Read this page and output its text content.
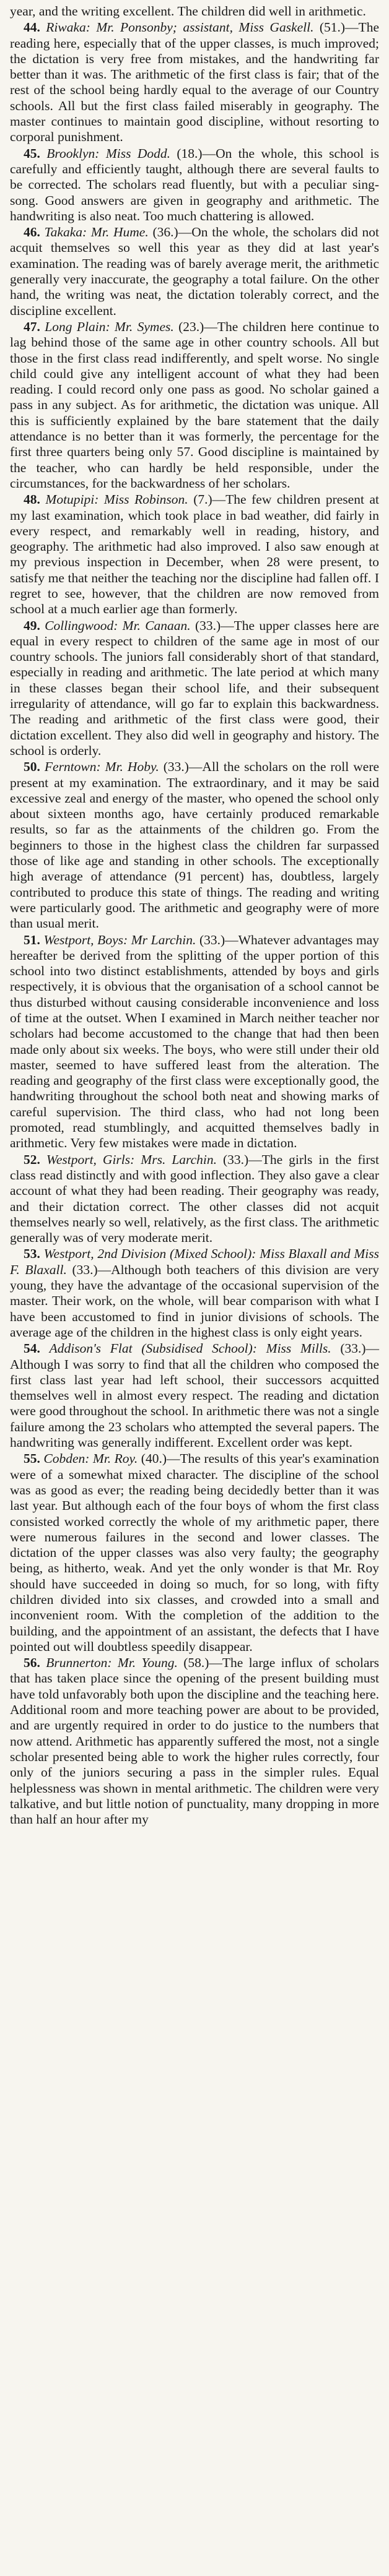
year, and the writing excellent. The children did well in arithmetic.

44. Riwaka: Mr. Ponsonby; assistant, Miss Gaskell. (51.)—The reading here, especially that of the upper classes, is much improved; the dictation is very free from mistakes, and the handwriting far better than it was. The arithmetic of the first class is fair; that of the rest of the school being hardly equal to the average of our Country schools. All but the first class failed miserably in geography. The master continues to maintain good discipline, without resorting to corporal punishment.

45. Brooklyn: Miss Dodd. (18.)—On the whole, this school is carefully and efficiently taught, although there are several faults to be corrected. The scholars read fluently, but with a peculiar sing-song. Good answers are given in geography and arithmetic. The handwriting is also neat. Too much chattering is allowed.

46. Takaka: Mr. Hume. (36.)—On the whole, the scholars did not acquit themselves so well this year as they did at last year's examination. The reading was of barely average merit, the arithmetic generally very inaccurate, the geography a total failure. On the other hand, the writing was neat, the dictation tolerably correct, and the discipline excellent.

47. Long Plain: Mr. Symes. (23.)—The children here continue to lag behind those of the same age in other country schools. All but those in the first class read indifferently, and spelt worse. No single child could give any intelligent account of what they had been reading. I could record only one pass as good. No scholar gained a pass in any subject. As for arithmetic, the dictation was unique. All this is sufficiently explained by the bare statement that the daily attendance is no better than it was formerly, the percentage for the first three quarters being only 57. Good discipline is maintained by the teacher, who can hardly be held responsible, under the circumstances, for the backwardness of her scholars.

48. Motupipi: Miss Robinson. (7.)—The few children present at my last examination, which took place in bad weather, did fairly in every respect, and remarkably well in reading, history, and geography. The arithmetic had also improved. I also saw enough at my previous inspection in December, when 28 were present, to satisfy me that neither the teaching nor the discipline had fallen off. I regret to see, however, that the children are now removed from school at a much earlier age than formerly.

49. Collingwood: Mr. Canaan. (33.)—The upper classes here are equal in every respect to children of the same age in most of our country schools. The juniors fall considerably short of that standard, especially in reading and arithmetic. The late period at which many in these classes began their school life, and their subsequent irregularity of attendance, will go far to explain this backwardness. The reading and arithmetic of the first class were good, their dictation excellent. They also did well in geography and history. The school is orderly.

50. Ferntown: Mr. Hoby. (33.)—All the scholars on the roll were present at my examination. The extraordinary, and it may be said excessive zeal and energy of the master, who opened the school only about sixteen months ago, have certainly produced remarkable results, so far as the attainments of the children go. From the beginners to those in the highest class the children far surpassed those of like age and standing in other schools. The exceptionally high average of attendance (91 percent) has, doubtless, largely contributed to produce this state of things. The reading and writing were particularly good. The arithmetic and geography were of more than usual merit.

51. Westport, Boys: Mr Larchin. (33.)—Whatever advantages may hereafter be derived from the splitting of the upper portion of this school into two distinct establishments, attended by boys and girls respectively, it is obvious that the organisation of a school cannot be thus disturbed without causing considerable inconvenience and loss of time at the outset. When I examined in March neither teacher nor scholars had become accustomed to the change that had then been made only about six weeks. The boys, who were still under their old master, seemed to have suffered least from the alteration. The reading and geography of the first class were exceptionally good, the handwriting throughout the school both neat and showing marks of careful supervision. The third class, who had not long been promoted, read stumblingly, and acquitted themselves badly in arithmetic. Very few mistakes were made in dictation.

52. Westport, Girls: Mrs. Larchin. (33.)—The girls in the first class read distinctly and with good inflection. They also gave a clear account of what they had been reading. Their geography was ready, and their dictation correct. The other classes did not acquit themselves nearly so well, relatively, as the first class. The arithmetic generally was of very moderate merit.

53. Westport, 2nd Division (Mixed School): Miss Blaxall and Miss F. Blaxall. (33.)—Although both teachers of this division are very young, they have the advantage of the occasional supervision of the master. Their work, on the whole, will bear comparison with what I have been accustomed to find in junior divisions of schools. The average age of the children in the highest class is only eight years.

54. Addison's Flat (Subsidised School): Miss Mills. (33.)—Although I was sorry to find that all the children who composed the first class last year had left school, their successors acquitted themselves well in almost every respect. The reading and dictation were good throughout the school. In arithmetic there was not a single failure among the 23 scholars who attempted the several papers. The handwriting was generally indifferent. Excellent order was kept.

55. Cobden: Mr. Roy. (40.)—The results of this year's examination were of a somewhat mixed character. The discipline of the school was as good as ever; the reading being decidedly better than it was last year. But although each of the four boys of whom the first class consisted worked correctly the whole of my arithmetic paper, there were numerous failures in the second and lower classes. The dictation of the upper classes was also very faulty; the geography being, as hitherto, weak. And yet the only wonder is that Mr. Roy should have succeeded in doing so much, for so long, with fifty children divided into six classes, and crowded into a small and inconvenient room. With the completion of the addition to the building, and the appointment of an assistant, the defects that I have pointed out will doubtless speedily disappear.

56. Brunnerton: Mr. Young. (58.)—The large influx of scholars that has taken place since the opening of the present building must have told unfavorably both upon the discipline and the teaching here. Additional room and more teaching power are about to be provided, and are urgently required in order to do justice to the numbers that now attend. Arithmetic has apparently suffered the most, not a single scholar presented being able to work the higher rules correctly, four only of the juniors securing a pass in the simpler rules. Equal helplessness was shown in mental arithmetic. The children were very talkative, and but little notion of punctuality, many dropping in more than half an hour after my
